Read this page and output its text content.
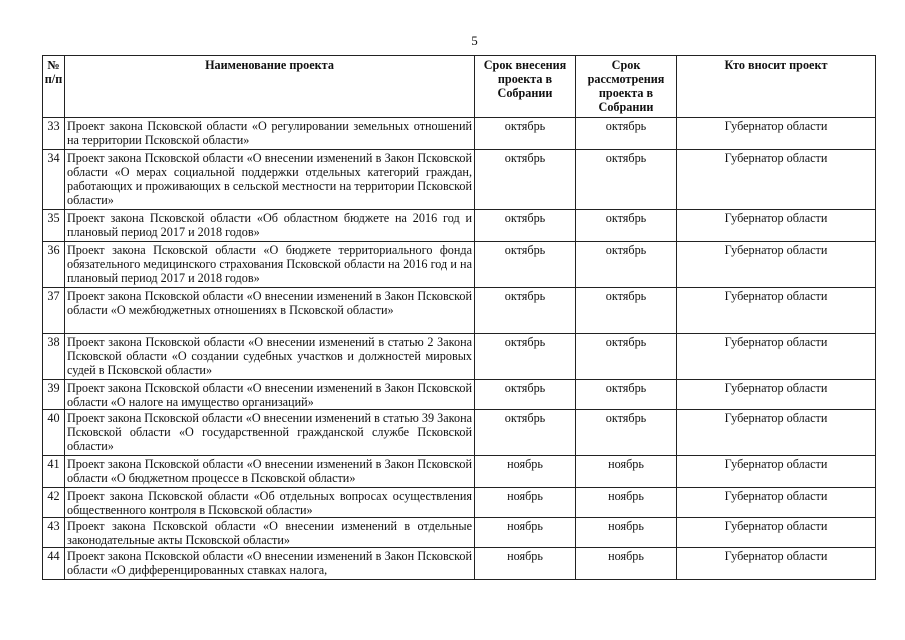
5
№
п/п	Наименование проекта	Срок внесения проекта в Собрании	Срок рассмотрения проекта в Собрании	Кто вносит проект
33	Проект закона Псковской области «О регулировании земельных отношений на территории Псковской области»	октябрь	октябрь	Губернатор области
34	Проект закона Псковской области «О внесении изменений в Закон Псковской области «О мерах социальной поддержки отдельных категорий граждан, работающих и проживающих в сельской местности на территории Псковской области»	октябрь	октябрь	Губернатор области
35	Проект закона Псковской области «Об областном бюджете на 2016 год и плановый период 2017 и 2018 годов»	октябрь	октябрь	Губернатор области
36	Проект закона Псковской области «О бюджете территориального фонда обязательного медицинского страхования Псковской области на 2016 год и на плановый период 2017 и 2018 годов»	октябрь	октябрь	Губернатор области
37	Проект закона Псковской области «О внесении изменений в Закон Псковской области «О межбюджетных отношениях в Псковской области»	октябрь	октябрь	Губернатор области
38	Проект закона Псковской области «О внесении изменений в статью 2 Закона Псковской области «О создании судебных участков и должностей мировых судей в Псковской области»	октябрь	октябрь	Губернатор области
39	Проект закона Псковской области «О внесении изменений в Закон Псковской области «О налоге на имущество организаций»	октябрь	октябрь	Губернатор области
40	Проект закона Псковской области «О внесении изменений в статью 39 Закона Псковской области «О государственной гражданской службе Псковской области»	октябрь	октябрь	Губернатор области
41	Проект закона Псковской области «О внесении изменений в Закон Псковской области «О бюджетном процессе в Псковской области»	ноябрь	ноябрь	Губернатор области
42	Проект закона Псковской области «Об отдельных вопросах осуществления общественного контроля в Псковской области»	ноябрь	ноябрь	Губернатор области
43	Проект закона Псковской области «О внесении изменений в отдельные законодательные акты Псковской области»	ноябрь	ноябрь	Губернатор области
44	Проект закона Псковской области «О внесении изменений в Закон Псковской области «О дифференцированных ставках налога,	ноябрь	ноябрь	Губернатор области
